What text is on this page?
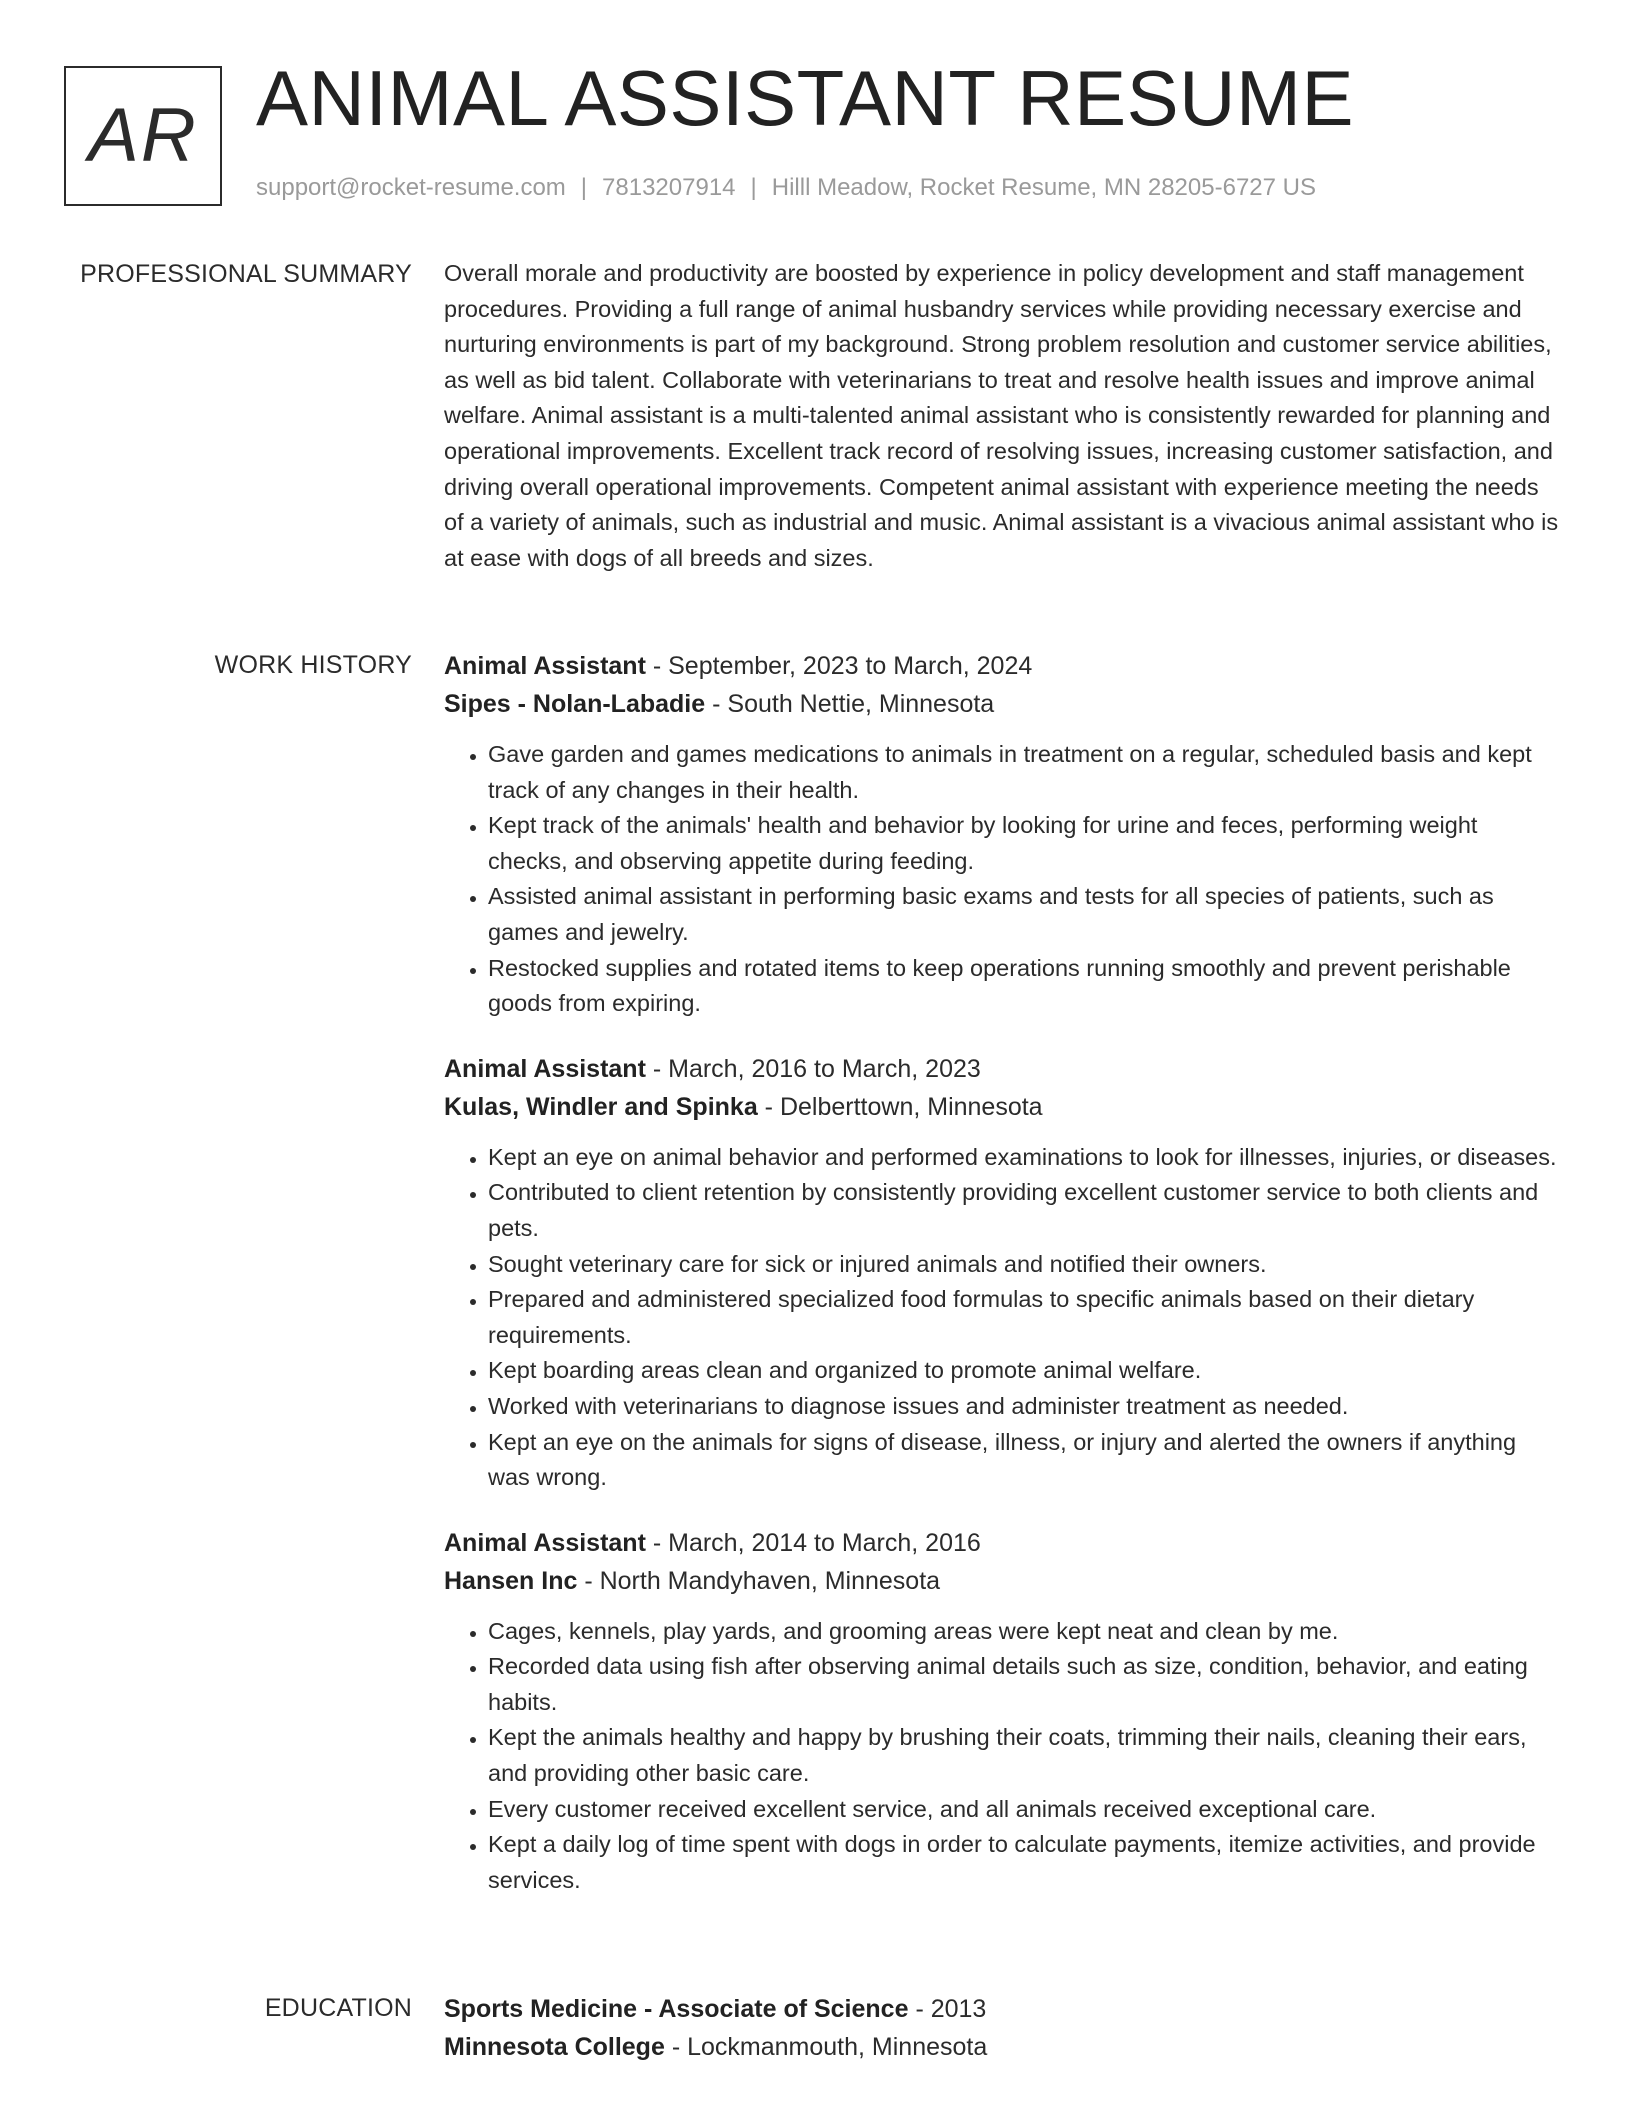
AR ANIMAL ASSISTANT RESUME
support@rocket-resume.com | 7813207914 | Hilll Meadow, Rocket Resume, MN 28205-6727 US
PROFESSIONAL SUMMARY Overall morale and productivity are boosted by experience in policy development and staff management procedures. Providing a full range of animal husbandry services while providing necessary exercise and nurturing environments is part of my background. Strong problem resolution and customer service abilities, as well as bid talent. Collaborate with veterinarians to treat and resolve health issues and improve animal welfare. Animal assistant is a multi-talented animal assistant who is consistently rewarded for planning and operational improvements. Excellent track record of resolving issues, increasing customer satisfaction, and driving overall operational improvements. Competent animal assistant with experience meeting the needs of a variety of animals, such as industrial and music. Animal assistant is a vivacious animal assistant who is at ease with dogs of all breeds and sizes.

WORK HISTORY Animal Assistant - September, 2023 to March, 2024
Sipes - Nolan-Labadie - South Nettie, Minnesota
• Gave garden and games medications to animals in treatment on a regular, scheduled basis and kept track of any changes in their health.
• Kept track of the animals' health and behavior by looking for urine and feces, performing weight checks, and observing appetite during feeding.
• Assisted animal assistant in performing basic exams and tests for all species of patients, such as games and jewelry.
• Restocked supplies and rotated items to keep operations running smoothly and prevent perishable goods from expiring.
Animal Assistant - March, 2016 to March, 2023
Kulas, Windler and Spinka - Delberttown, Minnesota
• Kept an eye on animal behavior and performed examinations to look for illnesses, injuries, or diseases.
• Contributed to client retention by consistently providing excellent customer service to both clients and pets.
• Sought veterinary care for sick or injured animals and notified their owners.
• Prepared and administered specialized food formulas to specific animals based on their dietary requirements.
• Kept boarding areas clean and organized to promote animal welfare.
• Worked with veterinarians to diagnose issues and administer treatment as needed.
• Kept an eye on the animals for signs of disease, illness, or injury and alerted the owners if anything was wrong.
Animal Assistant - March, 2014 to March, 2016
Hansen Inc - North Mandyhaven, Minnesota
• Cages, kennels, play yards, and grooming areas were kept neat and clean by me.
• Recorded data using fish after observing animal details such as size, condition, behavior, and eating habits.
• Kept the animals healthy and happy by brushing their coats, trimming their nails, cleaning their ears, and providing other basic care.
• Every customer received excellent service, and all animals received exceptional care.
• Kept a daily log of time spent with dogs in order to calculate payments, itemize activities, and provide services.
EDUCATION Sports Medicine - Associate of Science - 2013
Minnesota College - Lockmanmouth, Minnesota
